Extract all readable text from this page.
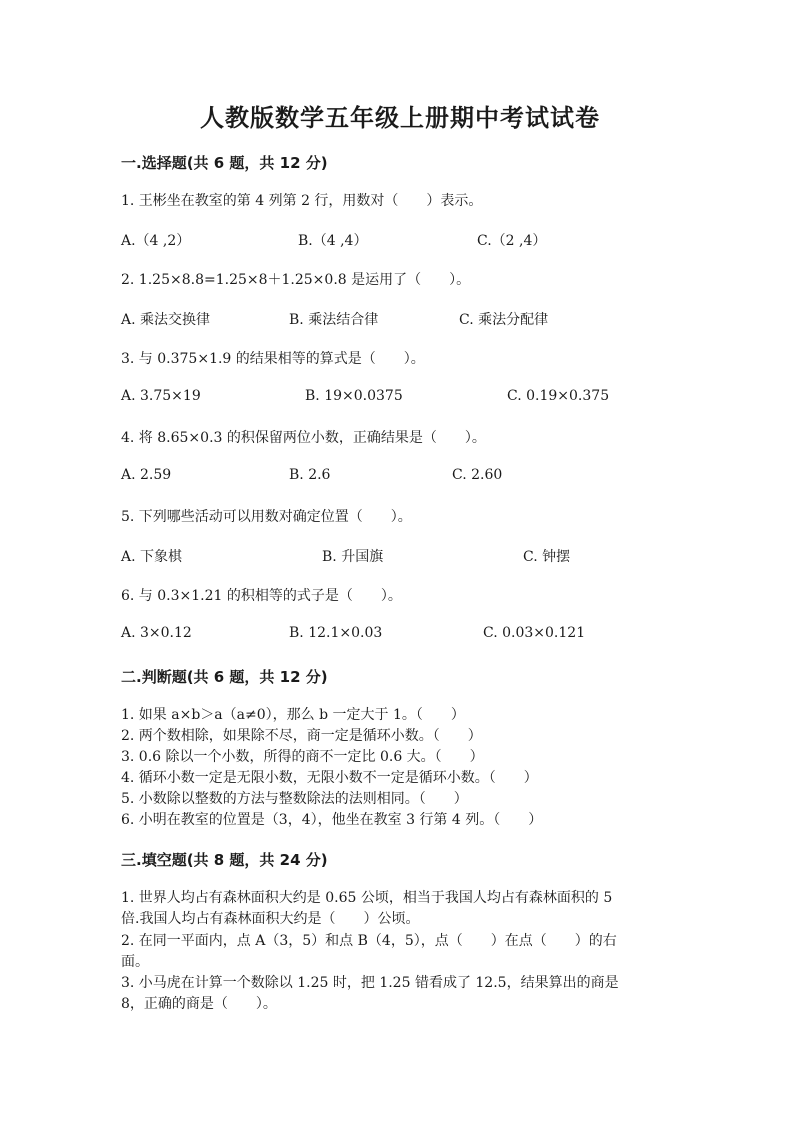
人教版数学五年级上册期中考试试卷
一.选择题(共 6 题，共 12 分)
1. 王彬坐在教室的第 4 列第 2 行，用数对（　　）表示。
A.（4 ,2）	B.（4 ,4）	C.（2 ,4）
2. 1.25×8.8=1.25×8＋1.25×0.8 是运用了（　　）。
A. 乘法交换律	B. 乘法结合律	C. 乘法分配律
3. 与 0.375×1.9 的结果相等的算式是（　　）。
A. 3.75×19	B. 19×0.0375	C. 0.19×0.375
4. 将 8.65×0.3 的积保留两位小数，正确结果是（　　）。
A. 2.59	B. 2.6	C. 2.60
5. 下列哪些活动可以用数对确定位置（　　）。
A. 下象棋	B. 升国旗	C. 钟摆
6. 与 0.3×1.21 的积相等的式子是（　　）。
A. 3×0.12	B. 12.1×0.03	C. 0.03×0.121
二.判断题(共 6 题，共 12 分)
1. 如果 a×b＞a（a≠0），那么 b 一定大于 1。（　　）
2. 两个数相除，如果除不尽，商一定是循环小数。（　　）
3. 0.6 除以一个小数，所得的商不一定比 0.6 大。（　　）
4. 循环小数一定是无限小数，无限小数不一定是循环小数。（　　）
5. 小数除以整数的方法与整数除法的法则相同。（　　）
6. 小明在教室的位置是（3，4），他坐在教室 3 行第 4 列。（　　）
三.填空题(共 8 题，共 24 分)
1. 世界人均占有森林面积大约是 0.65 公顷，相当于我国人均占有森林面积的 5
倍.我国人均占有森林面积大约是（　　）公顷。
2. 在同一平面内，点 A（3，5）和点 B（4，5），点（　　）在点（　　）的右
面。
3. 小马虎在计算一个数除以 1.25 时，把 1.25 错看成了 12.5，结果算出的商是
8，正确的商是（　　）。
